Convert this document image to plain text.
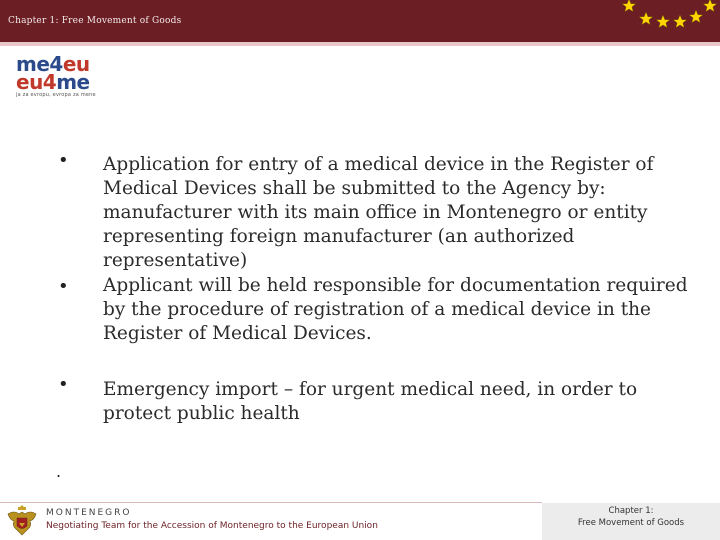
Chapter 1: Free Movement of Goods
me4eu
eu4me
ja za evropu, evropa za mene
• Application for entry of a medical device in the Register of Medical Devices shall be submitted to the Agency by: manufacturer with its main office in Montenegro or entity representing foreign manufacturer (an authorized representative)
• Applicant will be held responsible for documentation required by the procedure of registration of a medical device in the Register of Medical Devices.
• Emergency import – for urgent medical need, in order to protect public health
.
MONTENEGRO
Negotiating Team for the Accession of Montenegro to the European Union
Chapter 1:
Free Movement of Goods
